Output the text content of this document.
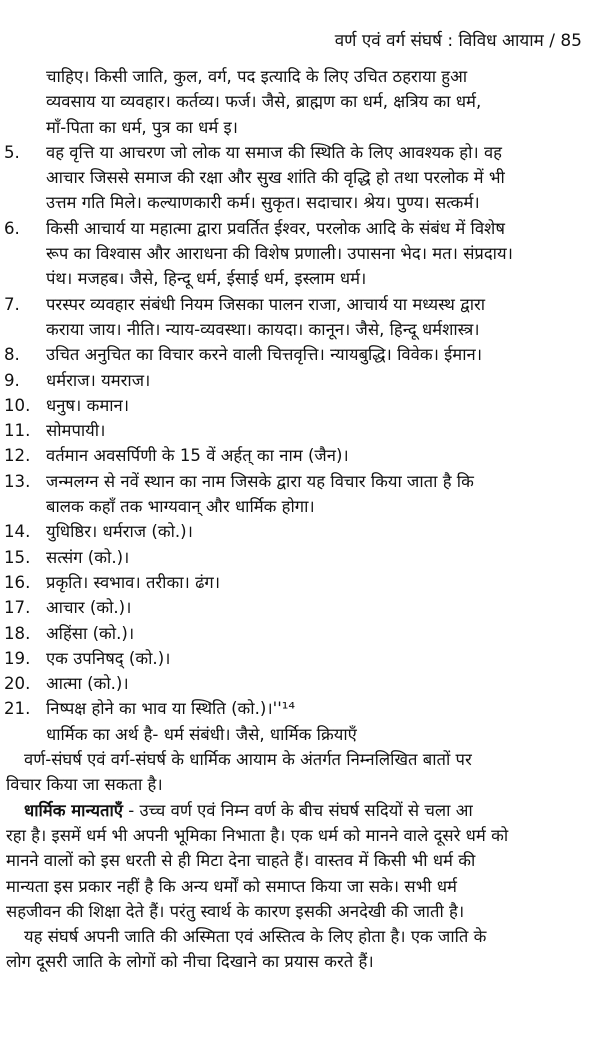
वर्ण एवं वर्ग संघर्ष : विविध आयाम / 85
चाहिए। किसी जाति, कुल, वर्ग, पद इत्यादि के लिए उचित ठहराया हुआ
व्यवसाय या व्यवहार। कर्तव्य। फर्ज। जैसे, ब्राह्मण का धर्म, क्षत्रिय का धर्म,
माँ-पिता का धर्म, पुत्र का धर्म इ।
5.	वह वृत्ति या आचरण जो लोक या समाज की स्थिति के लिए आवश्यक हो। वह
आचार जिससे समाज की रक्षा और सुख शांति की वृद्धि हो तथा परलोक में भी
उत्तम गति मिले। कल्याणकारी कर्म। सुकृत। सदाचार। श्रेय। पुण्य। सत्कर्म।
6.	किसी आचार्य या महात्मा द्वारा प्रवर्तित ईश्वर, परलोक आदि के संबंध में विशेष
रूप का विश्वास और आराधना की विशेष प्रणाली। उपासना भेद। मत। संप्रदाय।
पंथ। मजहब। जैसे, हिन्दू धर्म, ईसाई धर्म, इस्लाम धर्म।
7.	परस्पर व्यवहार संबंधी नियम जिसका पालन राजा, आचार्य या मध्यस्थ द्वारा
कराया जाय। नीति। न्याय-व्यवस्था। कायदा। कानून। जैसे, हिन्दू धर्मशास्त्र।
8.	उचित अनुचित का विचार करने वाली चित्तवृत्ति। न्यायबुद्धि। विवेक। ईमान।
9.	धर्मराज। यमराज।
10. धनुष। कमान।
11. सोमपायी।
12. वर्तमान अवसर्पिणी के 15 वें अर्हत् का नाम (जैन)।
13. जन्मलग्न से नवें स्थान का नाम जिसके द्वारा यह विचार किया जाता है कि
बालक कहाँ तक भाग्यवान् और धार्मिक होगा।
14. युधिष्ठिर। धर्मराज (को.)।
15. सत्संग (को.)।
16. प्रकृति। स्वभाव। तरीका। ढंग।
17. आचार (को.)।
18. अहिंसा (को.)।
19. एक उपनिषद् (को.)।
20. आत्मा (को.)।
21. निष्पक्ष होने का भाव या स्थिति (को.)।''¹⁴
धार्मिक का अर्थ है- धर्म संबंधी। जैसे, धार्मिक क्रियाएँ
वर्ण-संघर्ष एवं वर्ग-संघर्ष के धार्मिक आयाम के अंतर्गत निम्नलिखित बातों पर
विचार किया जा सकता है।
धार्मिक मान्यताएँ - उच्च वर्ण एवं निम्न वर्ण के बीच संघर्ष सदियों से चला आ
रहा है। इसमें धर्म भी अपनी भूमिका निभाता है। एक धर्म को मानने वाले दूसरे धर्म को
मानने वालों को इस धरती से ही मिटा देना चाहते हैं। वास्तव में किसी भी धर्म की
मान्यता इस प्रकार नहीं है कि अन्य धर्मों को समाप्त किया जा सके। सभी धर्म
सहजीवन की शिक्षा देते हैं। परंतु स्वार्थ के कारण इसकी अनदेखी की जाती है।
यह संघर्ष अपनी जाति की अस्मिता एवं अस्तित्व के लिए होता है। एक जाति के
लोग दूसरी जाति के लोगों को नीचा दिखाने का प्रयास करते हैं।
